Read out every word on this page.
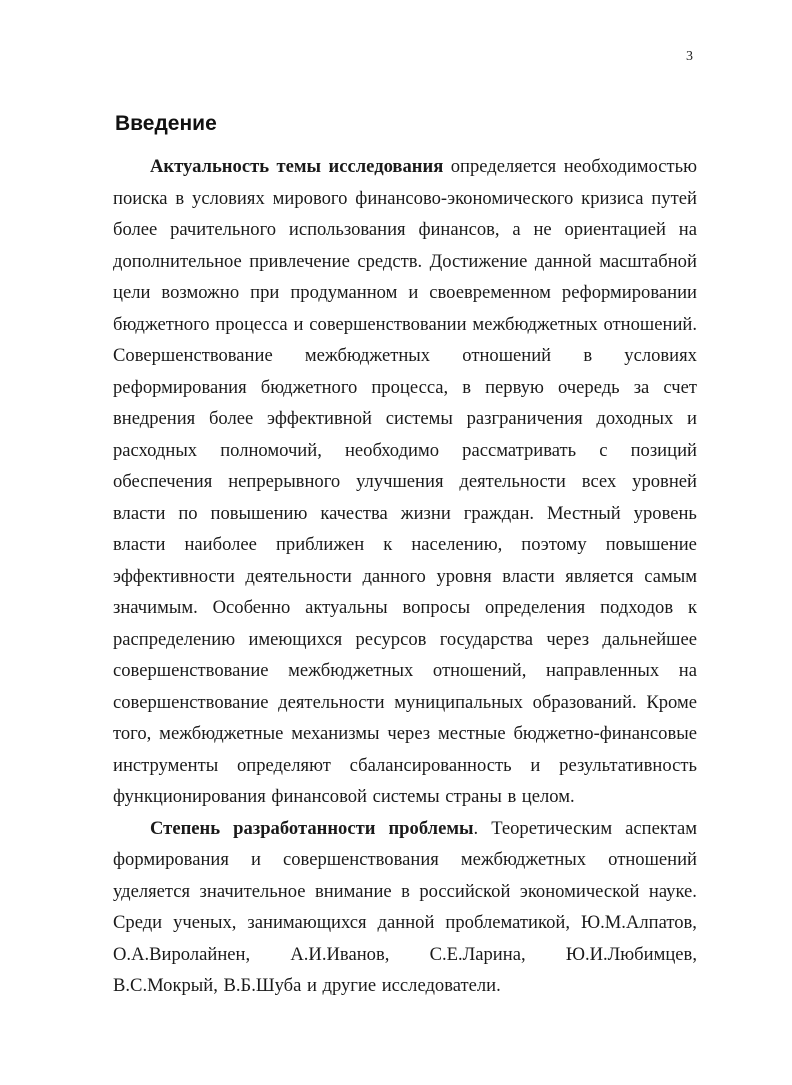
3
Введение
Актуальность темы исследования определяется необходимостью
поиска в условиях мирового финансово-экономического кризиса путей
более рачительного использования финансов, а не ориентацией на
дополнительное привлечение средств. Достижение данной масштабной
цели возможно при продуманном и своевременном реформировании
бюджетного процесса и совершенствовании межбюджетных отношений.
Совершенствование межбюджетных отношений в условиях
реформирования бюджетного процесса, в первую очередь за счет
внедрения более эффективной системы разграничения доходных и
расходных полномочий, необходимо рассматривать с позиций
обеспечения непрерывного улучшения деятельности всех уровней
власти по повышению качества жизни граждан. Местный уровень
власти наиболее приближен к населению, поэтому повышение
эффективности деятельности данного уровня власти является самым
значимым. Особенно актуальны вопросы определения подходов к
распределению имеющихся ресурсов государства через дальнейшее
совершенствование межбюджетных отношений, направленных на
совершенствование деятельности муниципальных образований. Кроме
того, межбюджетные механизмы через местные бюджетно-финансовые
инструменты определяют сбалансированность и результативность
функционирования финансовой системы страны в целом.
Степень разработанности проблемы. Теоретическим аспектам
формирования и совершенствования межбюджетных отношений
уделяется значительное внимание в российской экономической науке.
Среди ученых, занимающихся данной проблематикой, Ю.М.Алпатов,
О.А.Виролайнен, А.И.Иванов, С.Е.Ларина, Ю.И.Любимцев,
В.С.Мокрый, В.Б.Шуба и другие исследователи.
